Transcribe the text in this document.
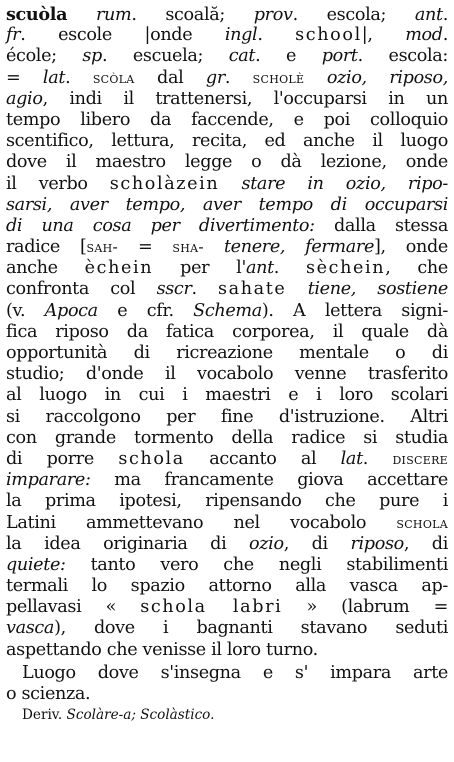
scuòla rum. scoală; prov. escola; ant.
fr. escole |onde ingl. school|, mod.
école; sp. escuela; cat. e port. escola:
= lat. scòla dal gr. scholè ozio, riposo,
agio, indi il trattenersi, l'occuparsi in un
tempo libero da faccende, e poi colloquio
scentifico, lettura, recita, ed anche il luogo
dove il maestro legge o dà lezione, onde
il verbo scholàzein stare in ozio, ripo-
sarsi, aver tempo, aver tempo di occuparsi
di una cosa per divertimento: dalla stessa
radice [sah- = sha- tenere, fermare], onde
anche èchein per l'ant. sèchein, che
confronta col sscr. sahate tiene, sostiene
(v. Apoca e cfr. Schema). A lettera signi-
fica riposo da fatica corporea, il quale dà
opportunità di ricreazione mentale o di
studio; d'onde il vocabolo venne trasferito
al luogo in cui i maestri e i loro scolari
si raccolgono per fine d'istruzione. Altri
con grande tormento della radice si studia
di porre schola accanto al lat. discere
imparare: ma francamente giova accettare
la prima ipotesi, ripensando che pure i
Latini ammettevano nel vocabolo schola
la idea originaria di ozio, di riposo, di
quiete: tanto vero che negli stabilimenti
termali lo spazio attorno alla vasca ap-
pellavasi « schola labri » (labrum =
vasca), dove i bagnanti stavano seduti
aspettando che venisse il loro turno.
Luogo dove s'insegna e s' impara arte
o scienza.
Deriv. Scolàre-a; Scolàstico.
